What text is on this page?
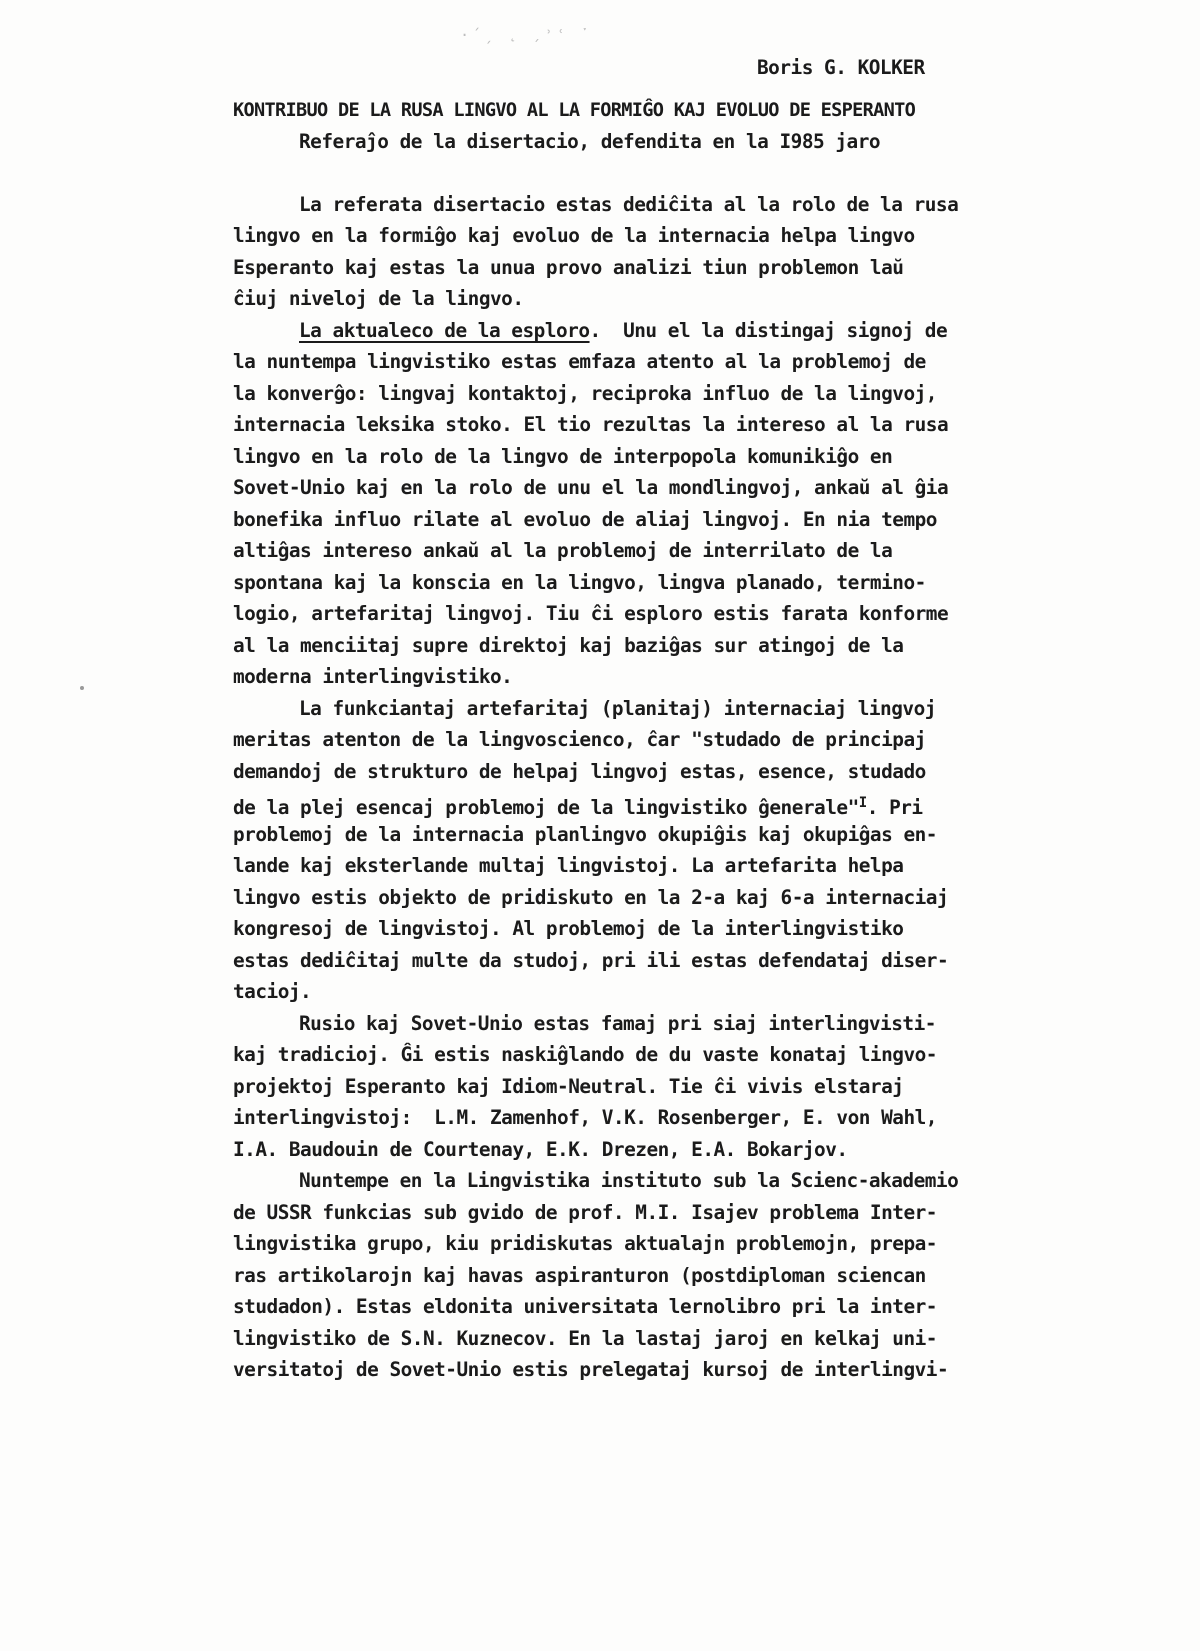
·´ˏ ˛ ˏ˒˓ ˑ

Boris G. KOLKER

KONTRIBUO DE LA RUSA LINGVO AL LA FORMIĜO KAJ EVOLUO DE ESPERANTO

Referaĵo de la disertacio, defendita en la I985 jaro

La referata disertacio estas dediĉita al la rolo de la rusa

lingvo en la formiĝo kaj evoluo de la internacia helpa lingvo

Esperanto kaj estas la unua provo analizi tiun problemon laŭ

ĉiuj niveloj de la lingvo.

La aktualeco de la esploro. Unu el la distingaj signoj de

la nuntempa lingvistiko estas emfaza atento al la problemoj de

la konverĝo: lingvaj kontaktoj, reciproka influo de la lingvoj,

internacia leksika stoko. El tio rezultas la intereso al la rusa

lingvo en la rolo de la lingvo de interpopola komunikiĝo en

Sovet-Unio kaj en la rolo de unu el la mondlingvoj, ankaŭ al ĝia

bonefika influo rilate al evoluo de aliaj lingvoj. En nia tempo

altiĝas intereso ankaŭ al la problemoj de interrilato de la

spontana kaj la konscia en la lingvo, lingva planado, termino-

logio, artefaritaj lingvoj. Tiu ĉi esploro estis farata konforme

al la menciitaj supre direktoj kaj baziĝas sur atingoj de la

moderna interlingvistiko.

La funkciantaj artefaritaj (planitaj) internaciaj lingvoj

meritas atenton de la lingvoscienco, ĉar "studado de principaj

demandoj de strukturo de helpaj lingvoj estas, esence, studado

de la plej esencaj problemoj de la lingvistiko ĝenerale"$^I$. Pri

problemoj de la internacia planlingvo okupiĝis kaj okupiĝas en-

lande kaj eksterlande multaj lingvistoj. La artefarita helpa

lingvo estis objekto de pridiskuto en la 2-a kaj 6-a internaciaj

kongresoj de lingvistoj. Al problemoj de la interlingvistiko

estas dediĉitaj multe da studoj, pri ili estas defendataj diser-

tacioj.

Rusio kaj Sovet-Unio estas famaj pri siaj interlingvisti-

kaj tradicioj. Ĝi estis naskiĝlando de du vaste konataj lingvo-

projektoj Esperanto kaj Idiom-Neutral. Tie ĉi vivis elstaraj

interlingvistoj:  L.M. Zamenhof, V.K. Rosenberger, E. von Wahl,

I.A. Baudouin de Courtenay, E.K. Drezen, E.A. Bokarjov.

Nuntempe en la Lingvistika instituto sub la Scienc-akademio

de USSR funkcias sub gvido de prof. M.I. Isajev problema Inter-

lingvistika grupo, kiu pridiskutas aktualajn problemojn, prepa-

ras artikolarojn kaj havas aspiranturon (postdiploman sciencan

studadon). Estas eldonita universitata lernolibro pri la inter-

lingvistiko de S.N. Kuznecov. En la lastaj jaroj en kelkaj uni-

versitatoj de Sovet-Unio estis prelegataj kursoj de interlingvi-
